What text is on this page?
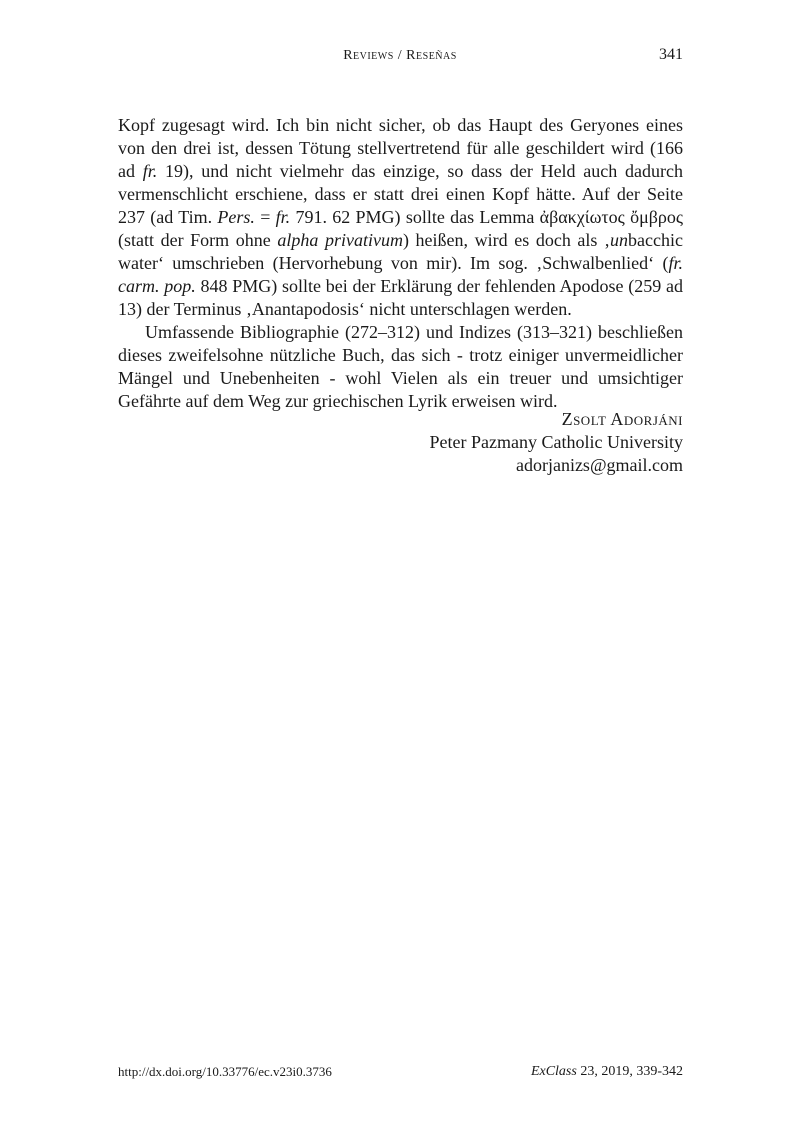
Reviews / Reseñas	341

Kopf zugesagt wird. Ich bin nicht sicher, ob das Haupt des Geryones eines von den drei ist, dessen Tötung stellvertretend für alle geschildert wird (166 ad fr. 19), und nicht vielmehr das einzige, so dass der Held auch dadurch vermenschlicht erschiene, dass er statt drei einen Kopf hätte. Auf der Seite 237 (ad Tim. Pers. = fr. 791. 62 PMG) sollte das Lemma ἀβακχίωτος ὄμβρος (statt der Form ohne alpha privativum) heißen, wird es doch als ‚unbacchic water‘ umschrieben (Hervorhebung von mir). Im sog. ‚Schwalbenlied‘ (fr. carm. pop. 848 PMG) sollte bei der Erklärung der fehlenden Apodose (259 ad 13) der Terminus ‚Anantapodosis‘ nicht unterschlagen werden.

Umfassende Bibliographie (272–312) und Indizes (313–321) beschließen dieses zweifelsohne nützliche Buch, das sich - trotz einiger unvermeidlicher Mängel und Unebenheiten - wohl Vielen als ein treuer und umsichtiger Gefährte auf dem Weg zur griechischen Lyrik erweisen wird.

Zsolt Adorjáni
Peter Pazmany Catholic University
adorjanizs@gmail.com
http://dx.doi.org/10.33776/ec.v23i0.3736	ExClass 23, 2019, 339-342
